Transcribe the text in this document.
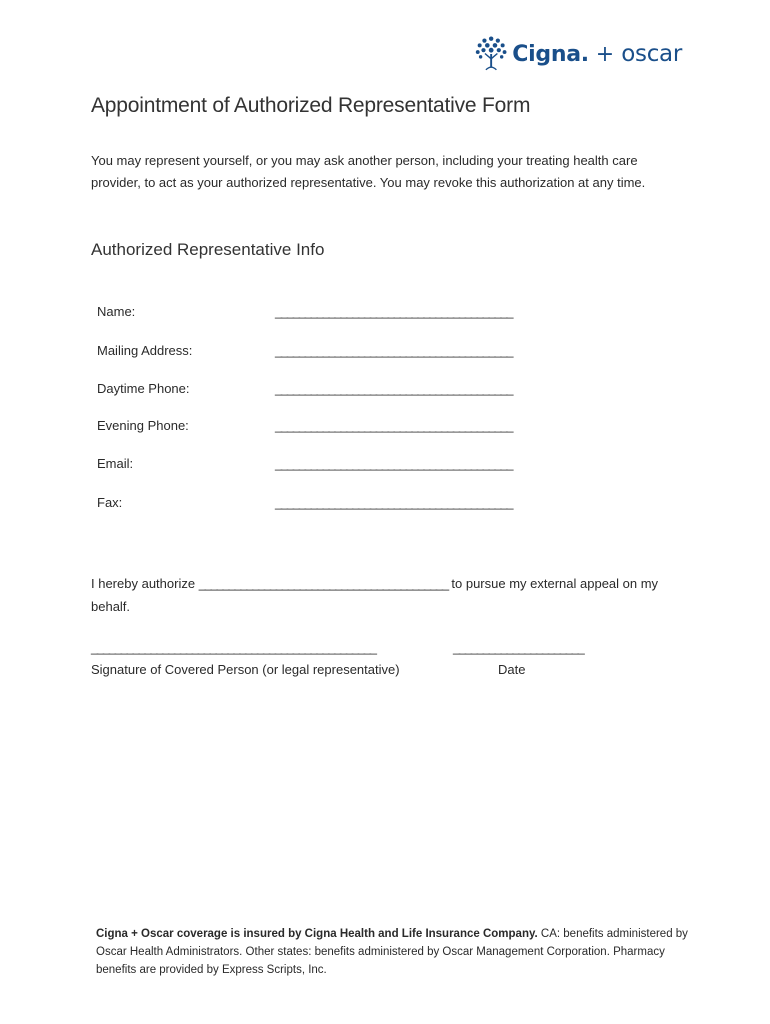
Cigna. + oscar
Appointment of Authorized Representative Form

You may represent yourself, or you may ask another person, including your treating health care provider, to act as your authorized representative. You may revoke this authorization at any time.

Authorized Representative Info
Name:	________________________________________
Mailing Address:	________________________________________
Daytime Phone:	________________________________________
Evening Phone:	________________________________________
Email:	________________________________________
Fax:	________________________________________

I hereby authorize __________________________________________ to pursue my external appeal on my behalf.

________________________________________________	______________________
Signature of Covered Person (or legal representative)	Date

Cigna + Oscar coverage is insured by Cigna Health and Life Insurance Company. CA: benefits administered by Oscar Health Administrators. Other states: benefits administered by Oscar Management Corporation. Pharmacy benefits are provided by Express Scripts, Inc.
